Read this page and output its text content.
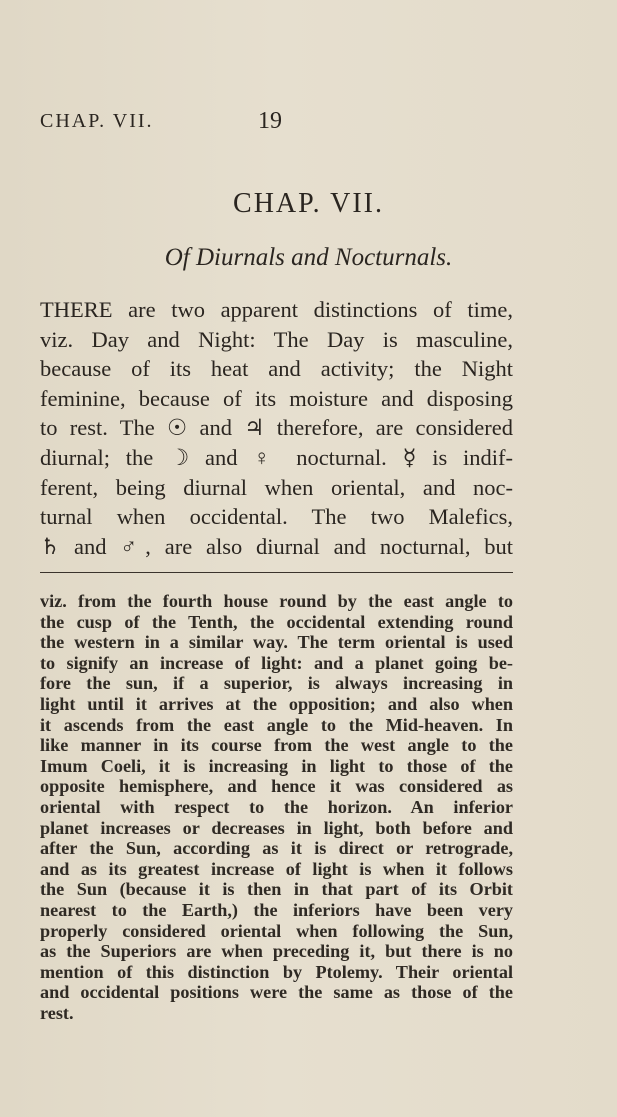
CHAP. VII.	19
CHAP. VII.
Of Diurnals and Nocturnals.
THERE are two apparent distinctions of time,
viz. Day and Night: The Day is masculine,
because of its heat and activity; the Night
feminine, because of its moisture and disposing
to rest. The ☉ and ♃ therefore, are considered
diurnal; the ☽ and ♀ nocturnal. ☿ is indif-
ferent, being diurnal when oriental, and noc-
turnal when occidental. The two Malefics,
♄ and ♂, are also diurnal and nocturnal, but
viz. from the fourth house round by the east angle to
the cusp of the Tenth, the occidental extending round
the western in a similar way. The term oriental is used
to signify an increase of light: and a planet going be-
fore the sun, if a superior, is always increasing in
light until it arrives at the opposition; and also when
it ascends from the east angle to the Mid-heaven. In
like manner in its course from the west angle to the
Imum Coeli, it is increasing in light to those of the
opposite hemisphere, and hence it was considered as
oriental with respect to the horizon. An inferior
planet increases or decreases in light, both before and
after the Sun, according as it is direct or retrograde,
and as its greatest increase of light is when it follows
the Sun (because it is then in that part of its Orbit
nearest to the Earth,) the inferiors have been very
properly considered oriental when following the Sun,
as the Superiors are when preceding it, but there is no
mention of this distinction by Ptolemy. Their oriental
and occidental positions were the same as those of the
rest.
